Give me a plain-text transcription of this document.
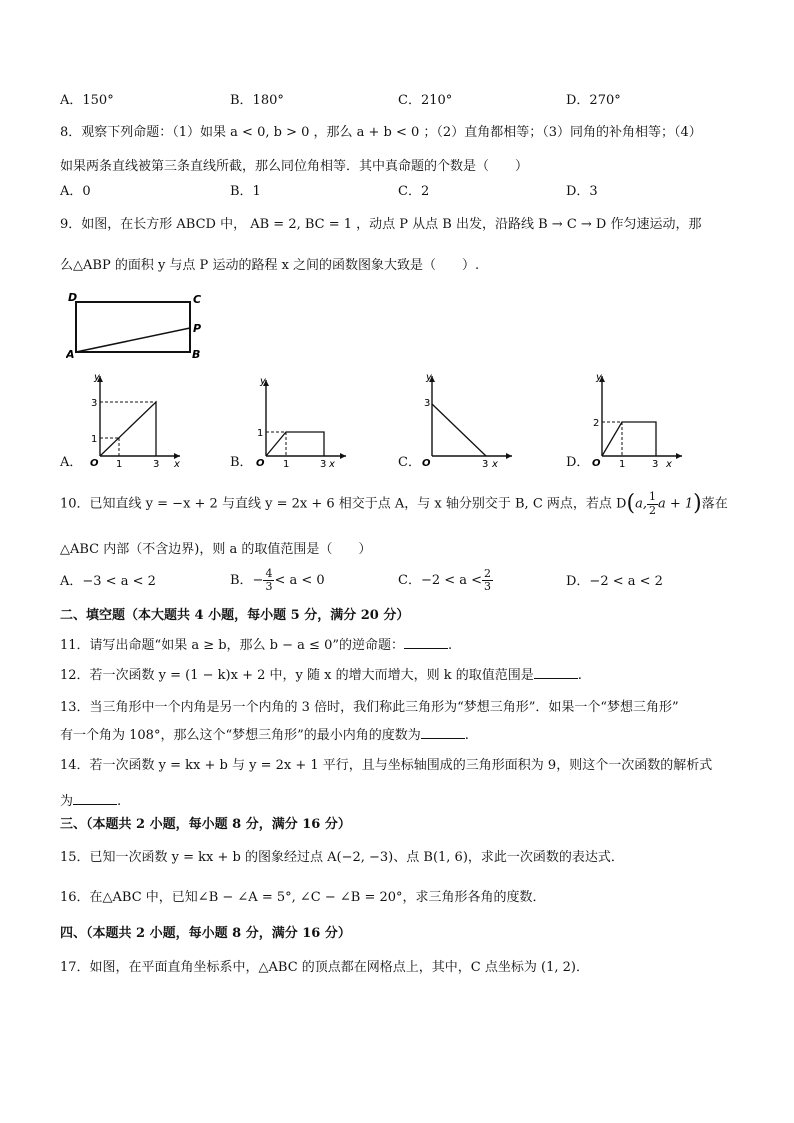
A．150°	B．180°	C．210°	D．270°
8．观察下列命题：（1）如果 a < 0, b > 0 ，那么 a + b < 0 ；（2）直角都相等；（3）同角的补角相等；（4）
如果两条直线被第三条直线所截，那么同位角相等．其中真命题的个数是（　　）
A．0	B．1	C．2	D．3
9．如图，在长方形 ABCD 中， AB = 2, BC = 1 ，动点 P 从点 B 出发，沿路线 B → C → D 作匀速运动，那
么△ABP 的面积 y 与点 P 运动的路程 x 之间的函数图象大致是（　　）.
D	C
P
A	B
A．
y
x
O
3
1
1	3	B．
y
x
O
1
1	3	C．
y
x
O
3
3	D．
y
x
O
2
1	3
10．已知直线 y = −x + 2 与直线 y = 2x + 6 相交于点 A，与 x 轴分别交于 B, C 两点，若点 D(a, $\frac{1}{2}$ a + 1)落在
△ABC 内部（不含边界)，则 a 的取值范围是（　　）
A．−3 < a < 2	B．− $\frac{4}{3} < a < 0$	C．$-2 < a < \frac{2}{3}$	D．−2 < a < 2
二、填空题（本大题共 4 小题，每小题 5 分，满分 20 分）
11．请写出命题“如果 a ≥ b，那么 b − a ≤ 0”的逆命题：	.
12．若一次函数 y = (1 − k)x + 2 中，y 随 x 的增大而增大，则 k 的取值范围是	.
13．当三角形中一个内角是另一个内角的 3 倍时，我们称此三角形为“梦想三角形”．如果一个“梦想三角形”
有一个角为 108°，那么这个“梦想三角形”的最小内角的度数为	.
14．若一次函数 y = kx + b 与 y = 2x + 1 平行，且与坐标轴围成的三角形面积为 9，则这个一次函数的解析式
为	.
三、（本题共 2 小题，每小题 8 分，满分 16 分）
15．已知一次函数 y = kx + b 的图象经过点 A(−2, −3)、点 B(1, 6)，求此一次函数的表达式．
16．在△ABC 中，已知∠B − ∠A = 5°, ∠C − ∠B = 20°，求三角形各角的度数．
四、（本题共 2 小题，每小题 8 分，满分 16 分）
17．如图，在平面直角坐标系中，△ABC 的顶点都在网格点上，其中，C 点坐标为 (1, 2)．
